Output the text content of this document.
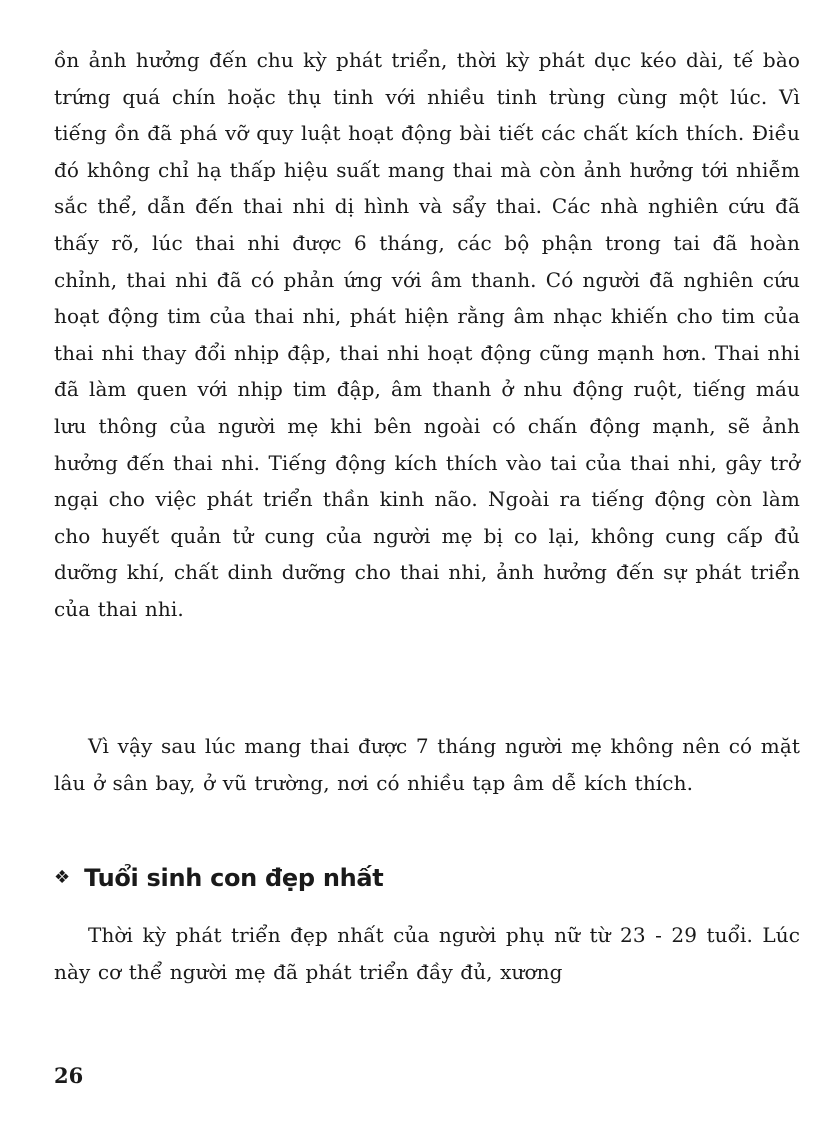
ồn ảnh hưởng đến chu kỳ phát triển, thời kỳ phát dục kéo dài, tế bào trứng quá chín hoặc thụ tinh với nhiều tinh trùng cùng một lúc. Vì tiếng ồn đã phá vỡ quy luật hoạt động bài tiết các chất kích thích. Điều đó không chỉ hạ thấp hiệu suất mang thai mà còn ảnh hưởng tới nhiễm sắc thể, dẫn đến thai nhi dị hình và sẩy thai. Các nhà nghiên cứu đã thấy rõ, lúc thai nhi được 6 tháng, các bộ phận trong tai đã hoàn chỉnh, thai nhi đã có phản ứng với âm thanh. Có người đã nghiên cứu hoạt động tim của thai nhi, phát hiện rằng âm nhạc khiến cho tim của thai nhi thay đổi nhịp đập, thai nhi hoạt động cũng mạnh hơn. Thai nhi đã làm quen với nhịp tim đập, âm thanh ở nhu động ruột, tiếng máu lưu thông của người mẹ khi bên ngoài có chấn động mạnh, sẽ ảnh hưởng đến thai nhi. Tiếng động kích thích vào tai của thai nhi, gây trở ngại cho việc phát triển thần kinh não. Ngoài ra tiếng động còn làm cho huyết quản tử cung của người mẹ bị co lại, không cung cấp đủ dưỡng khí, chất dinh dưỡng cho thai nhi, ảnh hưởng đến sự phát triển của thai nhi.

Vì vậy sau lúc mang thai được 7 tháng người mẹ không nên có mặt lâu ở sân bay, ở vũ trường, nơi có nhiều tạp âm dễ kích thích.

❖ Tuổi sinh con đẹp nhất

Thời kỳ phát triển đẹp nhất của người phụ nữ từ 23 - 29 tuổi. Lúc này cơ thể người mẹ đã phát triển đầy đủ, xương

26
